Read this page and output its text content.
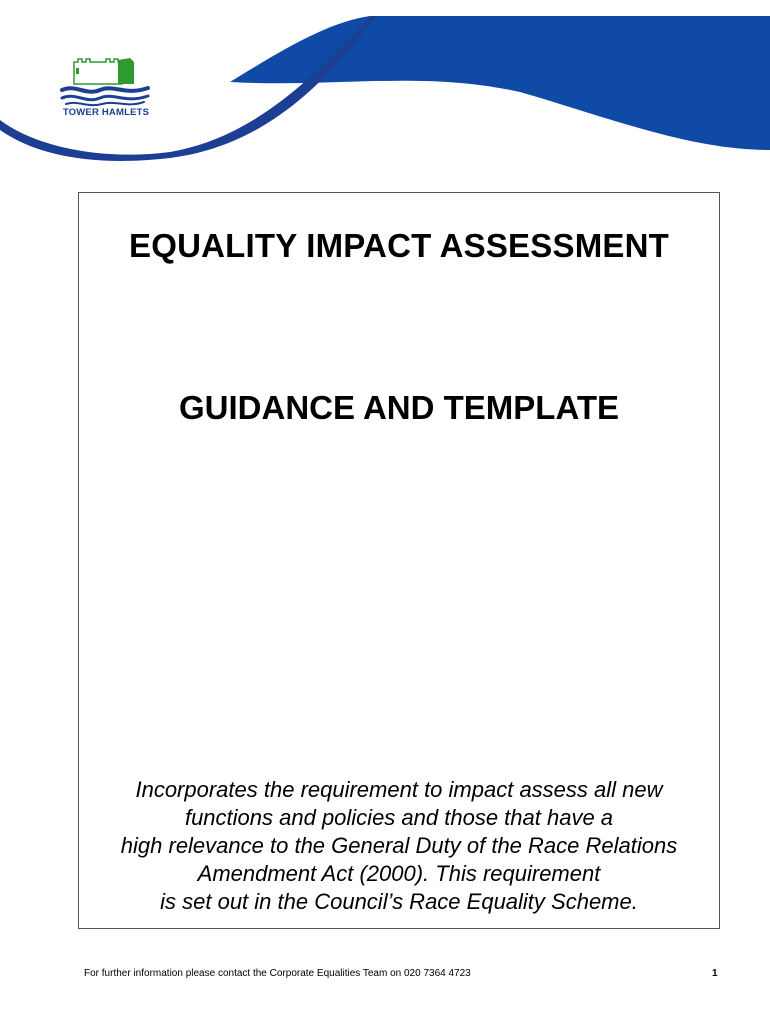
TOWER HAMLETS
EQUALITY IMPACT ASSESSMENT
GUIDANCE AND TEMPLATE
Incorporates the requirement to impact assess all new
functions and policies and those that have a
high relevance to the General Duty of the Race Relations
Amendment Act (2000). This requirement
is set out in the Council’s Race Equality Scheme.
For further information please contact the Corporate Equalities Team on 020 7364 4723	1
